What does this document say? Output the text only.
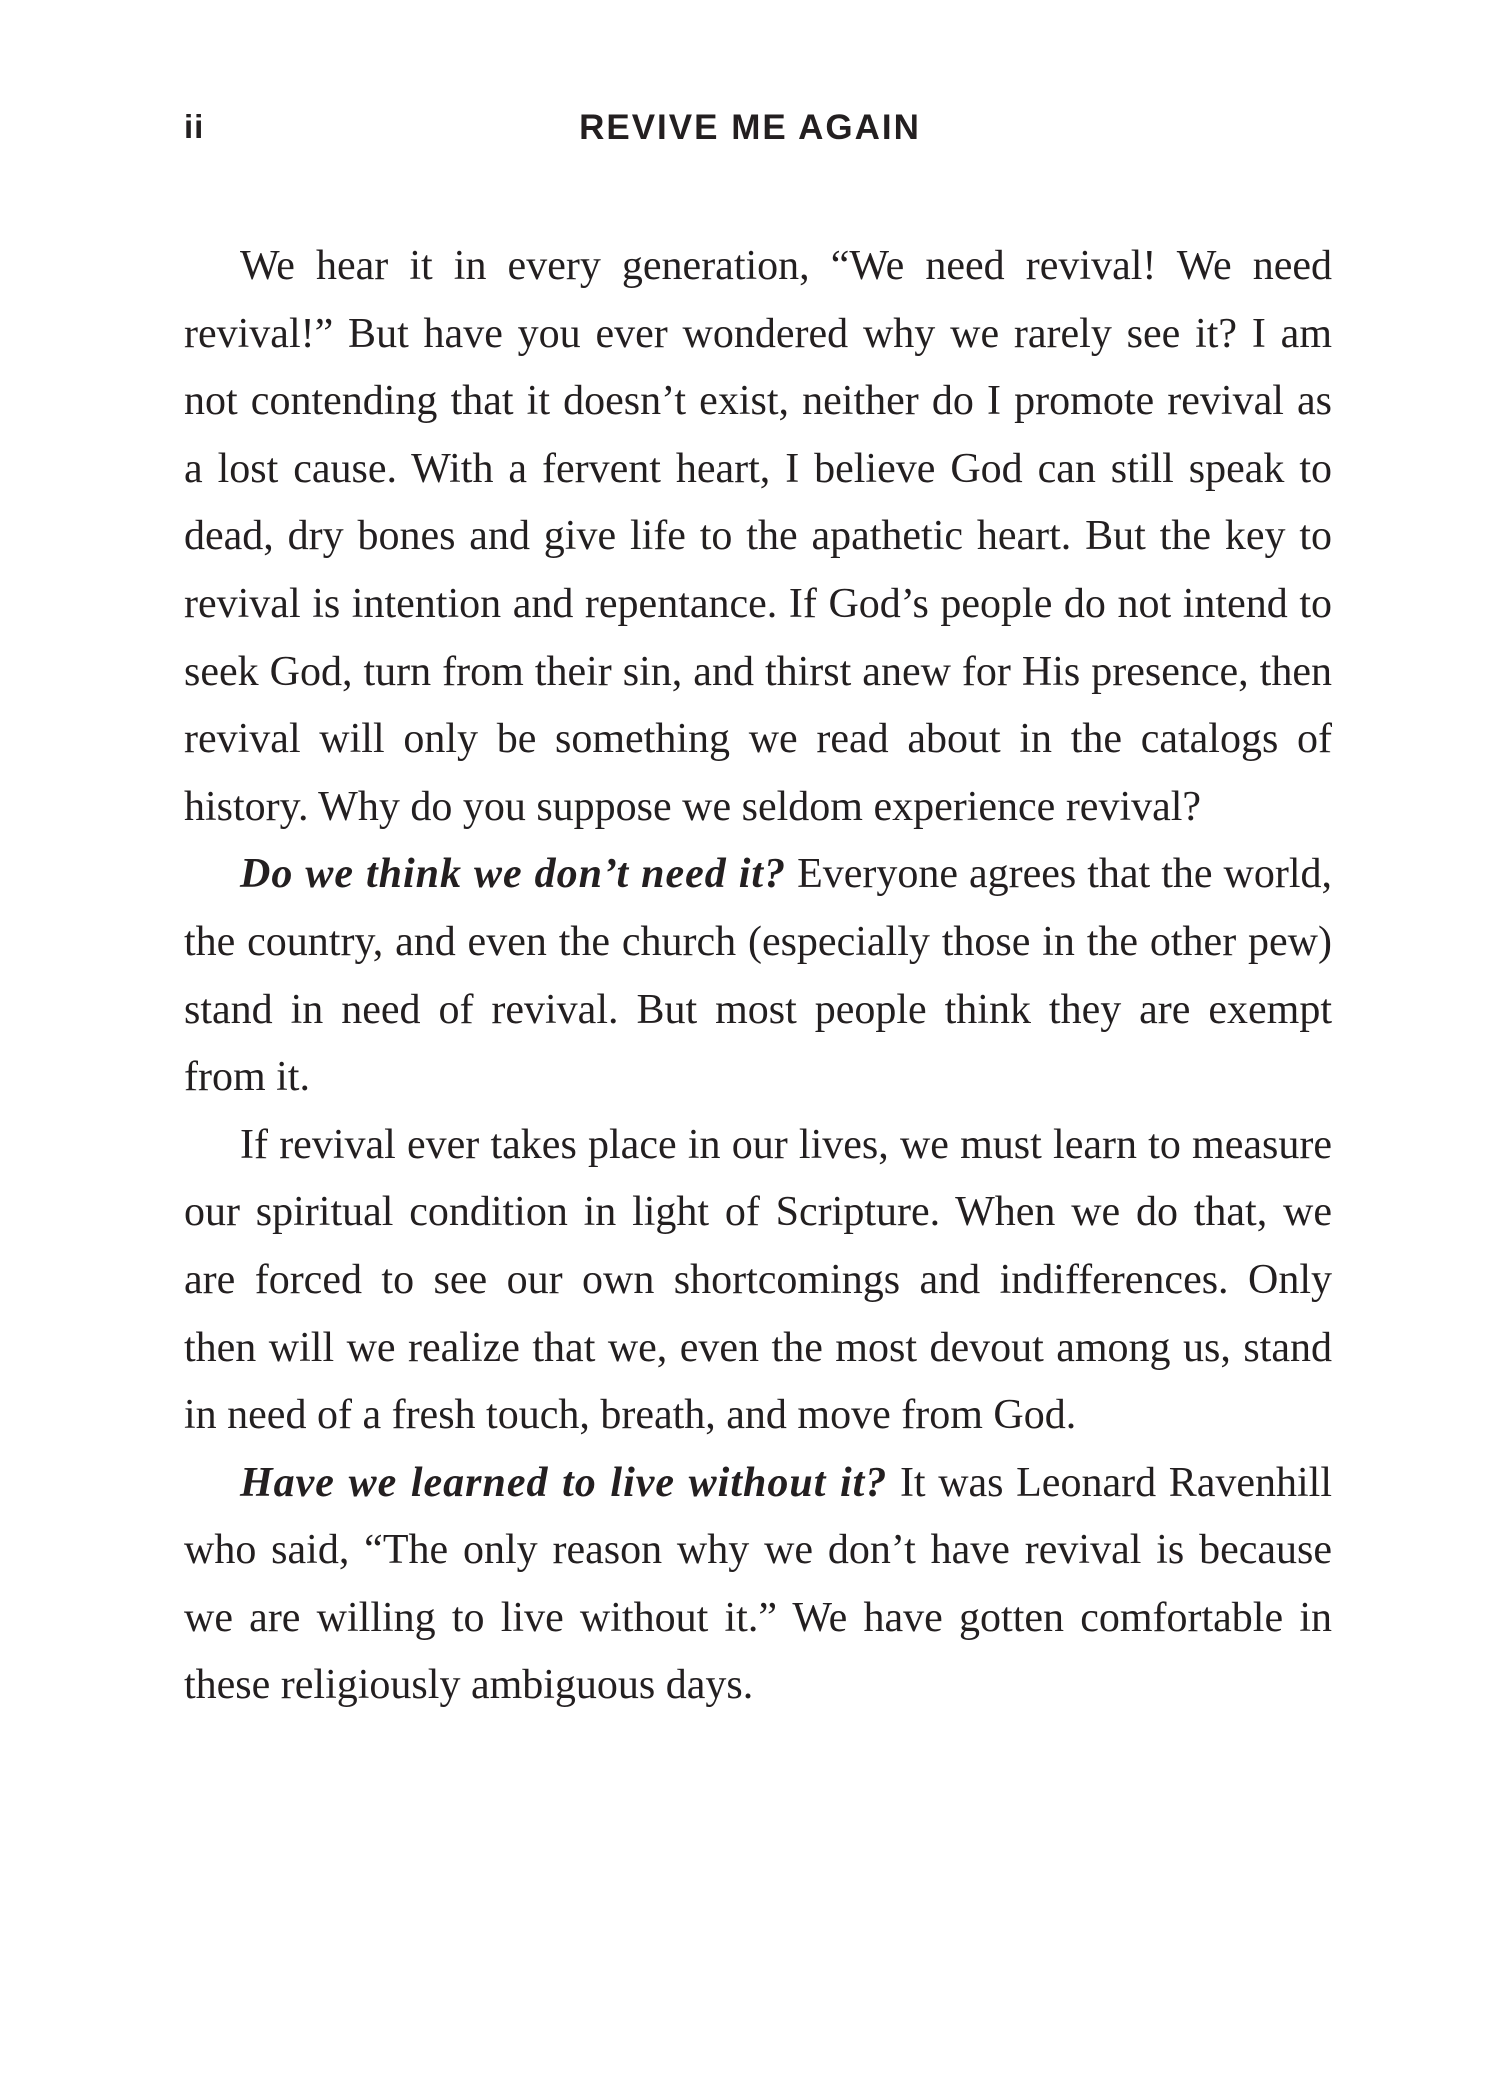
ii	REVIVE ME AGAIN

We hear it in every generation, “We need revival! We need revival!” But have you ever wondered why we rarely see it? I am not contending that it doesn’t exist, neither do I promote revival as a lost cause. With a fervent heart, I believe God can still speak to dead, dry bones and give life to the apathetic heart. But the key to revival is intention and repentance. If God’s people do not intend to seek God, turn from their sin, and thirst anew for His presence, then revival will only be something we read about in the catalogs of history. Why do you suppose we seldom experience revival?

Do we think we don’t need it? Everyone agrees that the world, the country, and even the church (especially those in the other pew) stand in need of revival. But most people think they are exempt from it.

If revival ever takes place in our lives, we must learn to measure our spiritual condition in light of Scripture. When we do that, we are forced to see our own shortcomings and indifferences. Only then will we realize that we, even the most devout among us, stand in need of a fresh touch, breath, and move from God.

Have we learned to live without it? It was Leonard Ravenhill who said, “The only reason why we don’t have revival is because we are willing to live without it.” We have gotten comfortable in these religiously ambiguous days.
